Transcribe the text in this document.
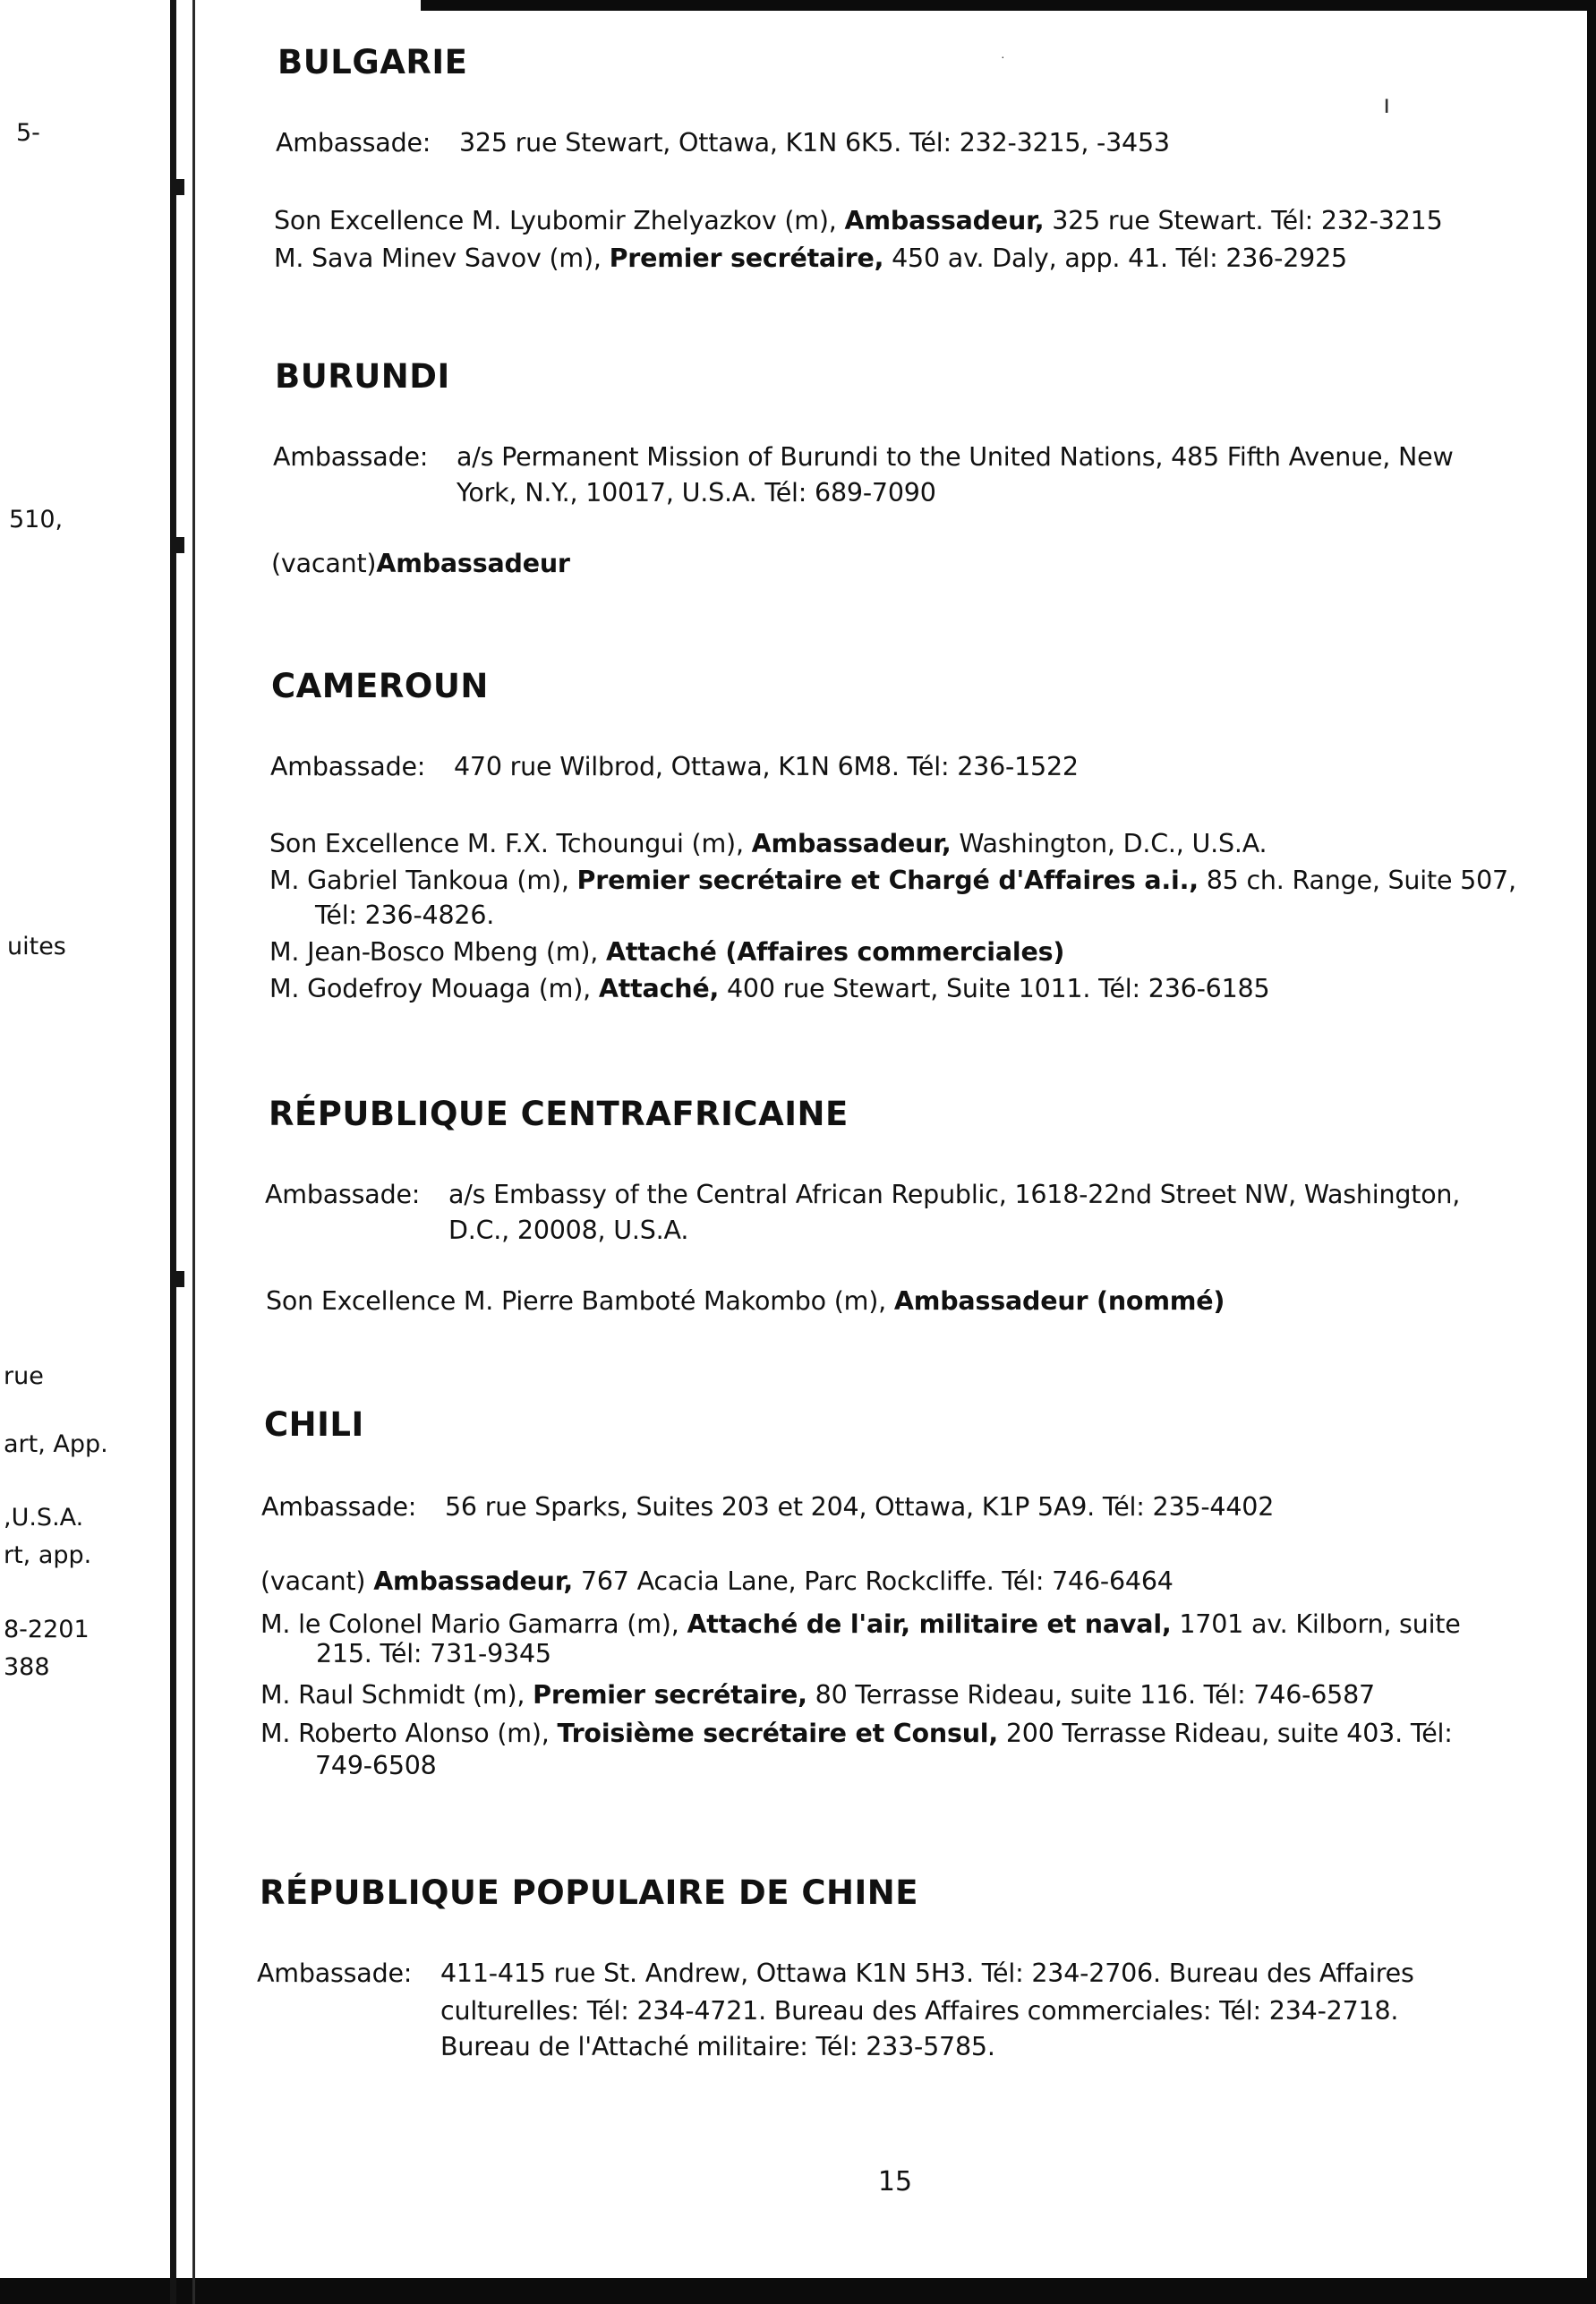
5-
510,
uites
rue
art, App.
,U.S.A.
rt, app.
8-2201
388
ı
·
BULGARIE
Ambassade: 325 rue Stewart, Ottawa, K1N 6K5. Tél: 232-3215, -3453
Son Excellence M. Lyubomir Zhelyazkov (m), Ambassadeur, 325 rue Stewart. Tél: 232-3215
M. Sava Minev Savov (m), Premier secrétaire, 450 av. Daly, app. 41. Tél: 236-2925
BURUNDI
Ambassade: a/s Permanent Mission of Burundi to the United Nations, 485 Fifth Avenue, New
York, N.Y., 10017, U.S.A. Tél: 689-7090
(vacant)Ambassadeur
CAMEROUN
Ambassade: 470 rue Wilbrod, Ottawa, K1N 6M8. Tél: 236-1522
Son Excellence M. F.X. Tchoungui (m), Ambassadeur, Washington, D.C., U.S.A.
M. Gabriel Tankoua (m), Premier secrétaire et Chargé d'Affaires a.i., 85 ch. Range, Suite 507,
Tél: 236-4826.
M. Jean-Bosco Mbeng (m), Attaché (Affaires commerciales)
M. Godefroy Mouaga (m), Attaché, 400 rue Stewart, Suite 1011. Tél: 236-6185
RÉPUBLIQUE CENTRAFRICAINE
Ambassade: a/s Embassy of the Central African Republic, 1618-22nd Street NW, Washington,
D.C., 20008, U.S.A.
Son Excellence M. Pierre Bamboté Makombo (m), Ambassadeur (nommé)
CHILI
Ambassade: 56 rue Sparks, Suites 203 et 204, Ottawa, K1P 5A9. Tél: 235-4402
(vacant) Ambassadeur, 767 Acacia Lane, Parc Rockcliffe. Tél: 746-6464
M. le Colonel Mario Gamarra (m), Attaché de l'air, militaire et naval, 1701 av. Kilborn, suite
215. Tél: 731-9345
M. Raul Schmidt (m), Premier secrétaire, 80 Terrasse Rideau, suite 116. Tél: 746-6587
M. Roberto Alonso (m), Troisième secrétaire et Consul, 200 Terrasse Rideau, suite 403. Tél:
749-6508
RÉPUBLIQUE POPULAIRE DE CHINE
Ambassade: 411-415 rue St. Andrew, Ottawa K1N 5H3. Tél: 234-2706. Bureau des Affaires
culturelles: Tél: 234-4721. Bureau des Affaires commerciales: Tél: 234-2718.
Bureau de l'Attaché militaire: Tél: 233-5785.
15
